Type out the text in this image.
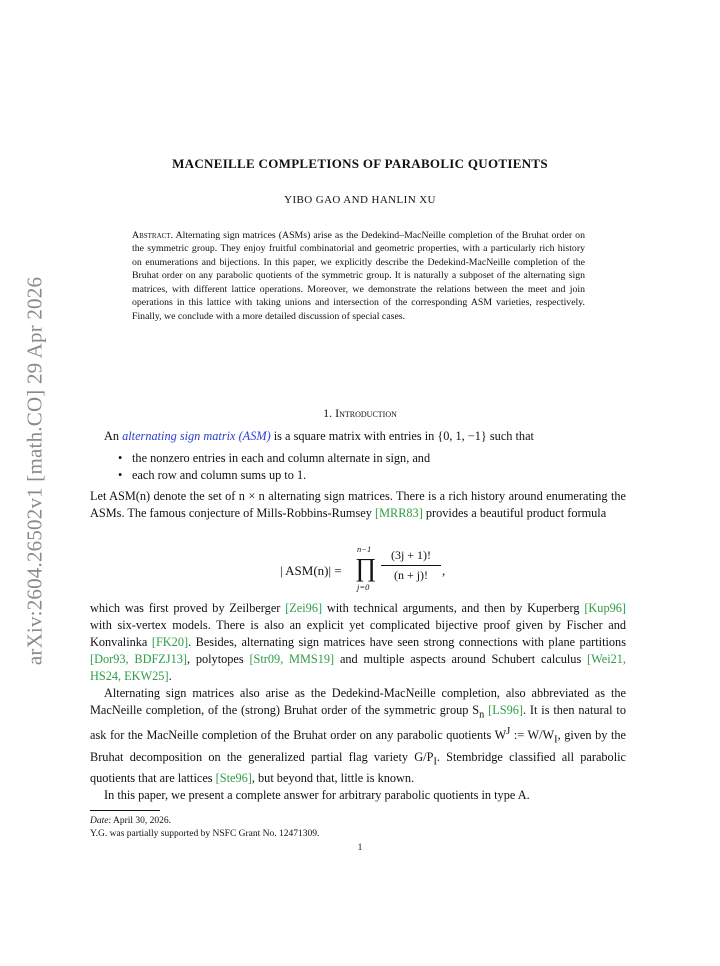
arXiv:2604.26502v1 [math.CO] 29 Apr 2026
MACNEILLE COMPLETIONS OF PARABOLIC QUOTIENTS
YIBO GAO AND HANLIN XU
Abstract. Alternating sign matrices (ASMs) arise as the Dedekind–MacNeille completion of the Bruhat order on the symmetric group. They enjoy fruitful combinatorial and geometric properties, with a particularly rich history on enumerations and bijections. In this paper, we explicitly describe the Dedekind-MacNeille completion of the Bruhat order on any parabolic quotients of the symmetric group. It is naturally a subposet of the alternating sign matrices, with different lattice operations. Moreover, we demonstrate the relations between the meet and join operations in this lattice with taking unions and intersection of the corresponding ASM varieties, respectively. Finally, we conclude with a more detailed discussion of special cases.
1. Introduction
An alternating sign matrix (ASM) is a square matrix with entries in {0, 1, −1} such that
• the nonzero entries in each and column alternate in sign, and
• each row and column sums up to 1.
Let ASM(n) denote the set of n × n alternating sign matrices. There is a rich history around enumerating the ASMs. The famous conjecture of Mills-Robbins-Rumsey [MRR83] provides a beautiful product formula
| ASM(n)| =
n−1
∏
j=0
$\frac{(3j + 1)!}{(n + j)!}$ ,
which was first proved by Zeilberger [Zei96] with technical arguments, and then by Kuperberg [Kup96] with six-vertex models. There is also an explicit yet complicated bijective proof given by Fischer and Konvalinka [FK20]. Besides, alternating sign matrices have seen strong connections with plane partitions [Dor93, BDFZJ13], polytopes [Str09, MMS19] and multiple aspects around Schubert calculus [Wei21, HS24, EKW25].
Alternating sign matrices also arise as the Dedekind-MacNeille completion, also abbreviated as the MacNeille completion, of the (strong) Bruhat order of the symmetric group $S_n$ [LS96]. It is then natural to ask for the MacNeille completion of the Bruhat order on any parabolic quotients $W^J$ := $W/W_I$, given by the Bruhat decomposition on the generalized partial flag variety $G/P_I$. Stembridge classified all parabolic quotients that are lattices [Ste96], but beyond that, little is known.
In this paper, we present a complete answer for arbitrary parabolic quotients in type A.
Date: April 30, 2026.
Y.G. was partially supported by NSFC Grant No. 12471309.
1
